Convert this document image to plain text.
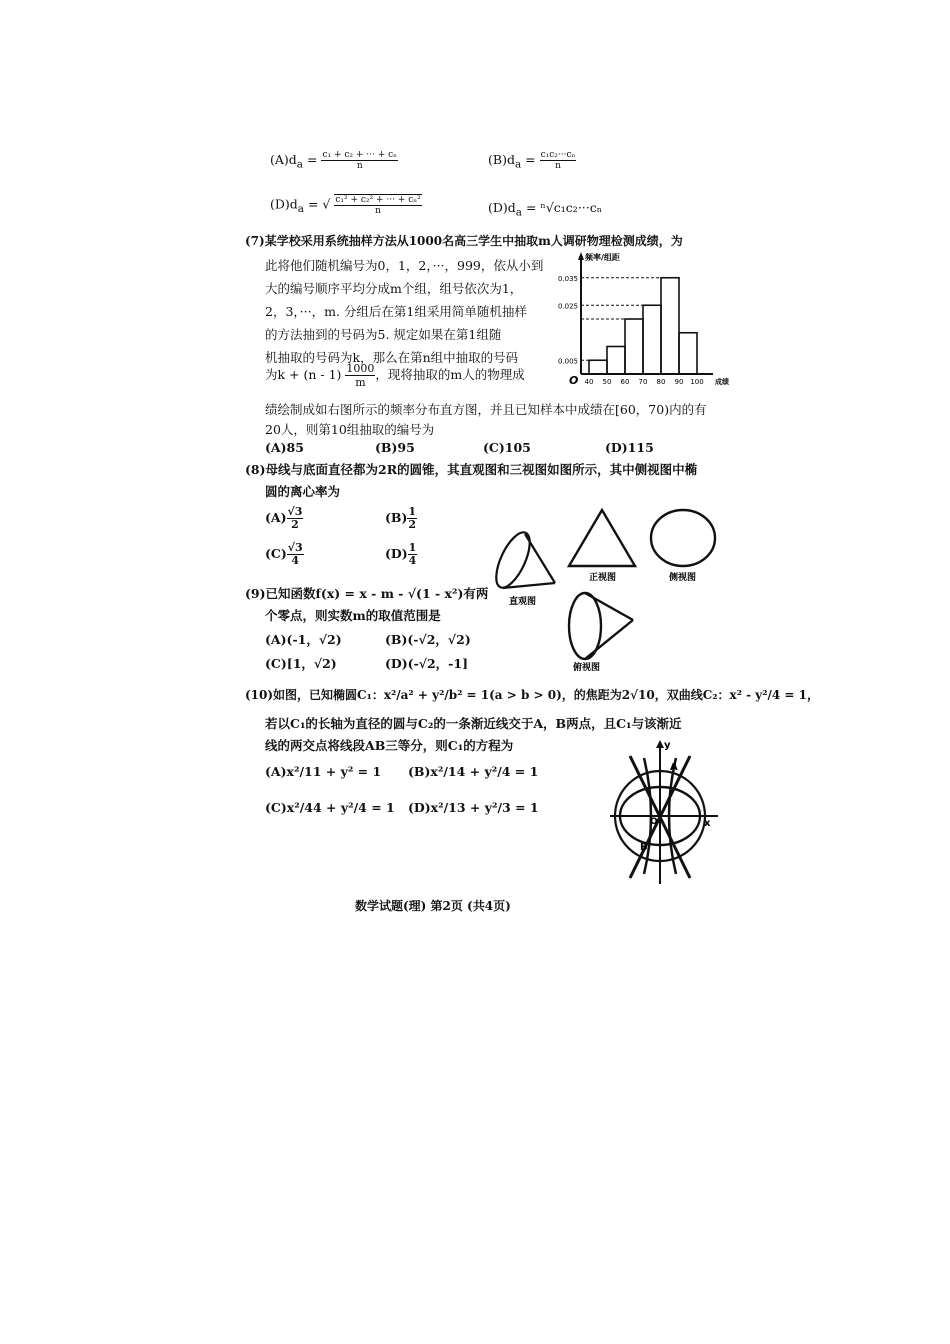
$(A)d_a = \frac{\text{c₁ + c₂ + ··· + cₙ}}{n}$	$(B)d_a = \frac{\text{c₁c₂···cₙ}}{n}$
$(D)d_a$ = √ $\frac{\text{c₁² + c₂² + ··· + cₙ²}}{n}$	$(D)d_a = ^n√c_1c_2\cdot\cdot\cdot c_n$
(7)某学校采用系统抽样方法从1000名高三学生中抽取m人调研物理检测成绩，为
此将他们随机编号为0，1，2，···，999，依从小到
大的编号顺序平均分成m个组，组号依次为1，
2，3，···，m. 分组后在第1组采用简单随机抽样
的方法抽到的号码为5. 规定如果在第1组随
机抽取的号码为k，那么在第n组中抽取的号码
为$k + (n - 1) \frac{1000}{m}$ ，现将抽取的m人的物理成
绩绘制成如右图所示的频率分布直方图，并且已知样本中成绩在[60，70)内的有
20人，则第10组抽取的编号为
(A)85	(B)95	(C)105	(D)115
0.035
0.025
0.005
40 50 60 70 80 90 100
O
频率/组距
成绩
(8)母线与底面直径都为2R的圆锥，其直观图和三视图如图所示，其中侧视图中椭
圆的离心率为
$(A) \frac{√3}{2}$	$(B) \frac{1}{2}$
$(C) \frac{√3}{4}$	$(D) \frac{1}{4}$
正视图	侧视图
直观图
俯视图
(9)已知函数f(x) = x - m - √(1 - x²)有两
个零点，则实数m的取值范围是
(A)(-1，√2)	(B)(-√2，√2)
(C)[1，√2)	(D)(-√2，-1]
(10)如图，已知椭圆C₁：x²/a² + y²/b² = 1(a > b > 0)，的焦距为2√10，双曲线C₂：x² - y²/4 = 1，
若以C₁的长轴为直径的圆与C₂的一条渐近线交于A，B两点，且C₁与该渐近
线的两交点将线段AB三等分，则C₁的方程为
(A)x²/11 + y² = 1 (B)x²/14 + y²/4 = 1
(C)x²/44 + y²/4 = 1 (D)x²/13 + y²/3 = 1
y
x
A
B
O
数学试题(理) 第2页 (共4页)
